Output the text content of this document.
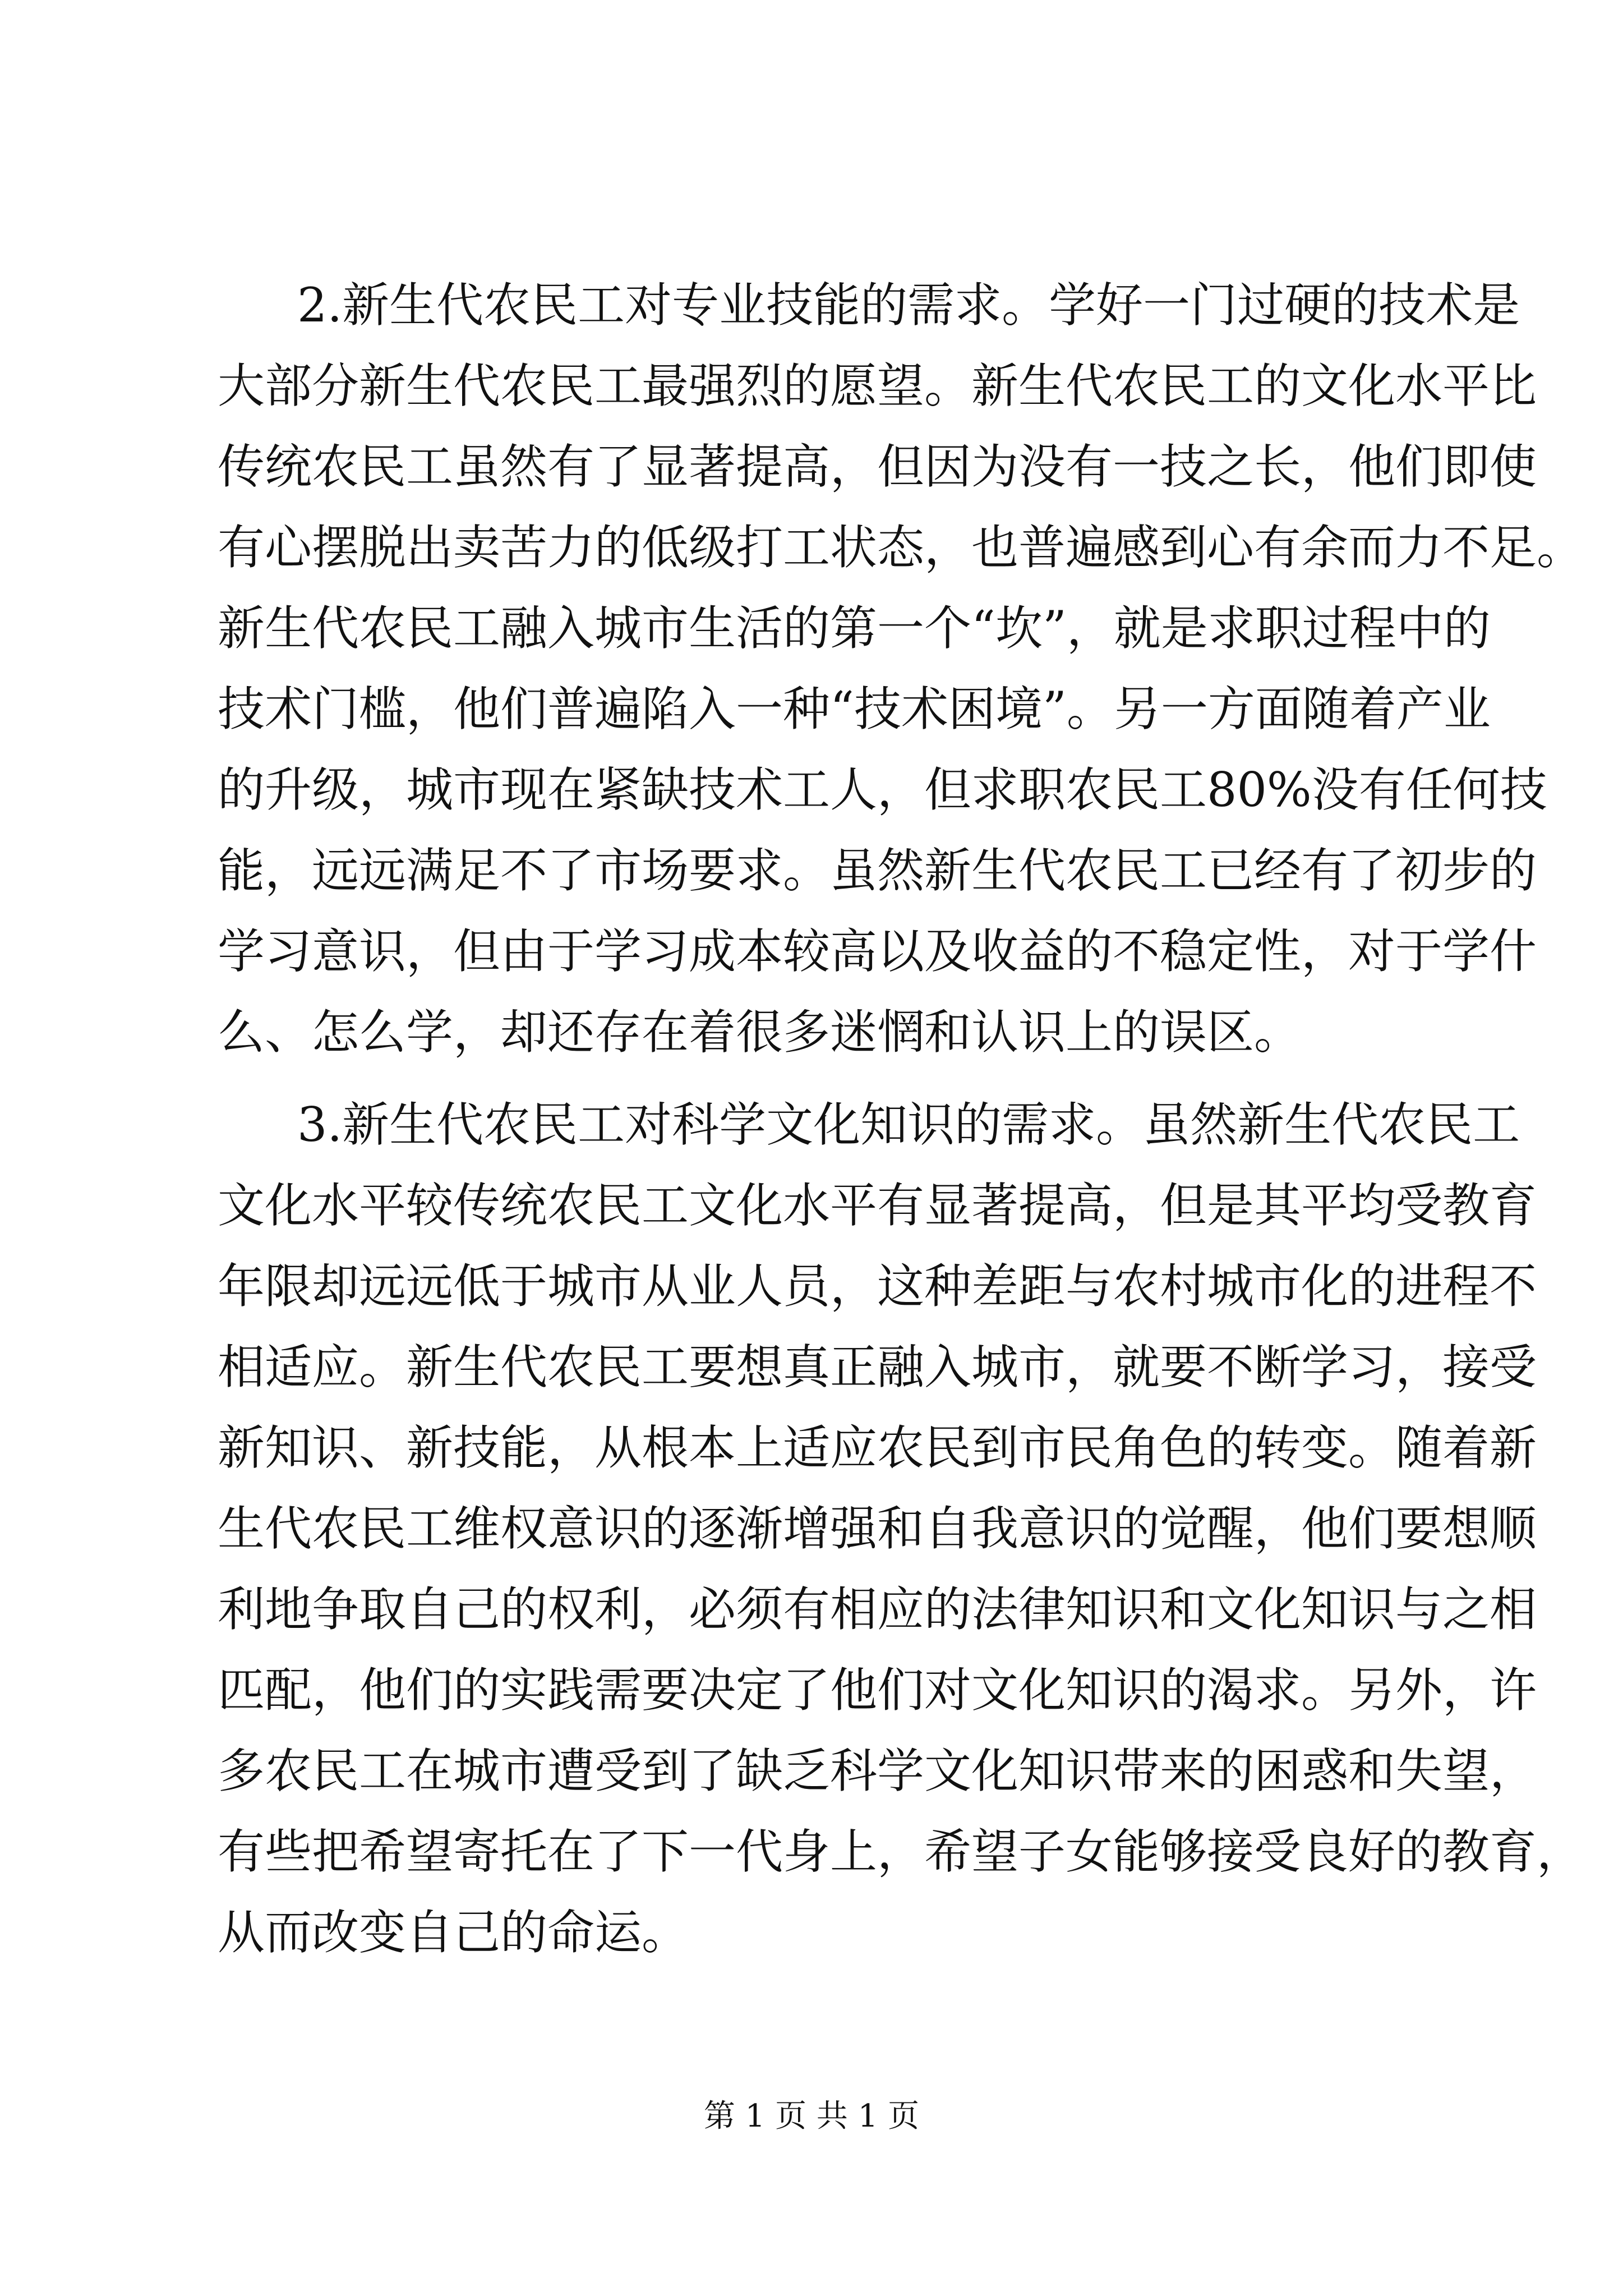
2.新生代农民工对专业技能的需求。学好一门过硬的技术是
大部分新生代农民工最强烈的愿望。新生代农民工的文化水平比
传统农民工虽然有了显著提高，但因为没有一技之长，他们即使
有心摆脱出卖苦力的低级打工状态，也普遍感到心有余而力不足。
新生代农民工融入城市生活的第一个“坎”，就是求职过程中的
技术门槛，他们普遍陷入一种“技术困境”。另一方面随着产业
的升级，城市现在紧缺技术工人，但求职农民工80%没有任何技
能，远远满足不了市场要求。虽然新生代农民工已经有了初步的
学习意识，但由于学习成本较高以及收益的不稳定性，对于学什
么、怎么学，却还存在着很多迷惘和认识上的误区。
3.新生代农民工对科学文化知识的需求。虽然新生代农民工
文化水平较传统农民工文化水平有显著提高，但是其平均受教育
年限却远远低于城市从业人员，这种差距与农村城市化的进程不
相适应。新生代农民工要想真正融入城市，就要不断学习，接受
新知识、新技能，从根本上适应农民到市民角色的转变。随着新
生代农民工维权意识的逐渐增强和自我意识的觉醒，他们要想顺
利地争取自己的权利，必须有相应的法律知识和文化知识与之相
匹配，他们的实践需要决定了他们对文化知识的渴求。另外，许
多农民工在城市遭受到了缺乏科学文化知识带来的困惑和失望，
有些把希望寄托在了下一代身上，希望子女能够接受良好的教育，
从而改变自己的命运。
第 1 页 共 1 页
